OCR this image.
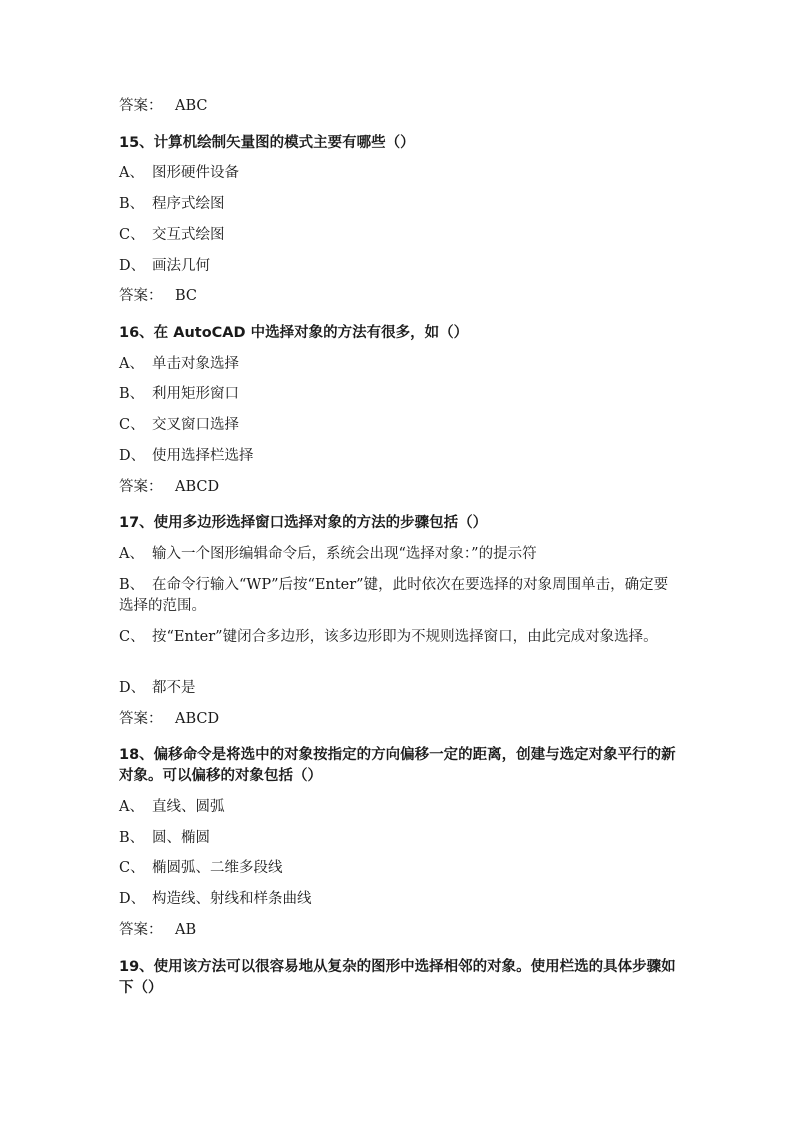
答案： ABC
15、计算机绘制矢量图的模式主要有哪些（）
A、 图形硬件设备
B、 程序式绘图
C、 交互式绘图
D、 画法几何
答案： BC
16、在 AutoCAD 中选择对象的方法有很多，如（）
A、 单击对象选择
B、 利用矩形窗口
C、 交叉窗口选择
D、 使用选择栏选择
答案： ABCD
17、使用多边形选择窗口选择对象的方法的步骤包括（）
A、 输入一个图形编辑命令后，系统会出现“选择对象：”的提示符
B、 在命令行输入“WP”后按“Enter”键，此时依次在要选择的对象周围单击，确定要选择的范围。
C、 按“Enter”键闭合多边形，该多边形即为不规则选择窗口，由此完成对象选择。
D、 都不是
答案： ABCD
18、偏移命令是将选中的对象按指定的方向偏移一定的距离，创建与选定对象平行的新对象。可以偏移的对象包括（）
A、 直线、圆弧
B、 圆、椭圆
C、 椭圆弧、二维多段线
D、 构造线、射线和样条曲线
答案： AB
19、使用该方法可以很容易地从复杂的图形中选择相邻的对象。使用栏选的具体步骤如下（）
